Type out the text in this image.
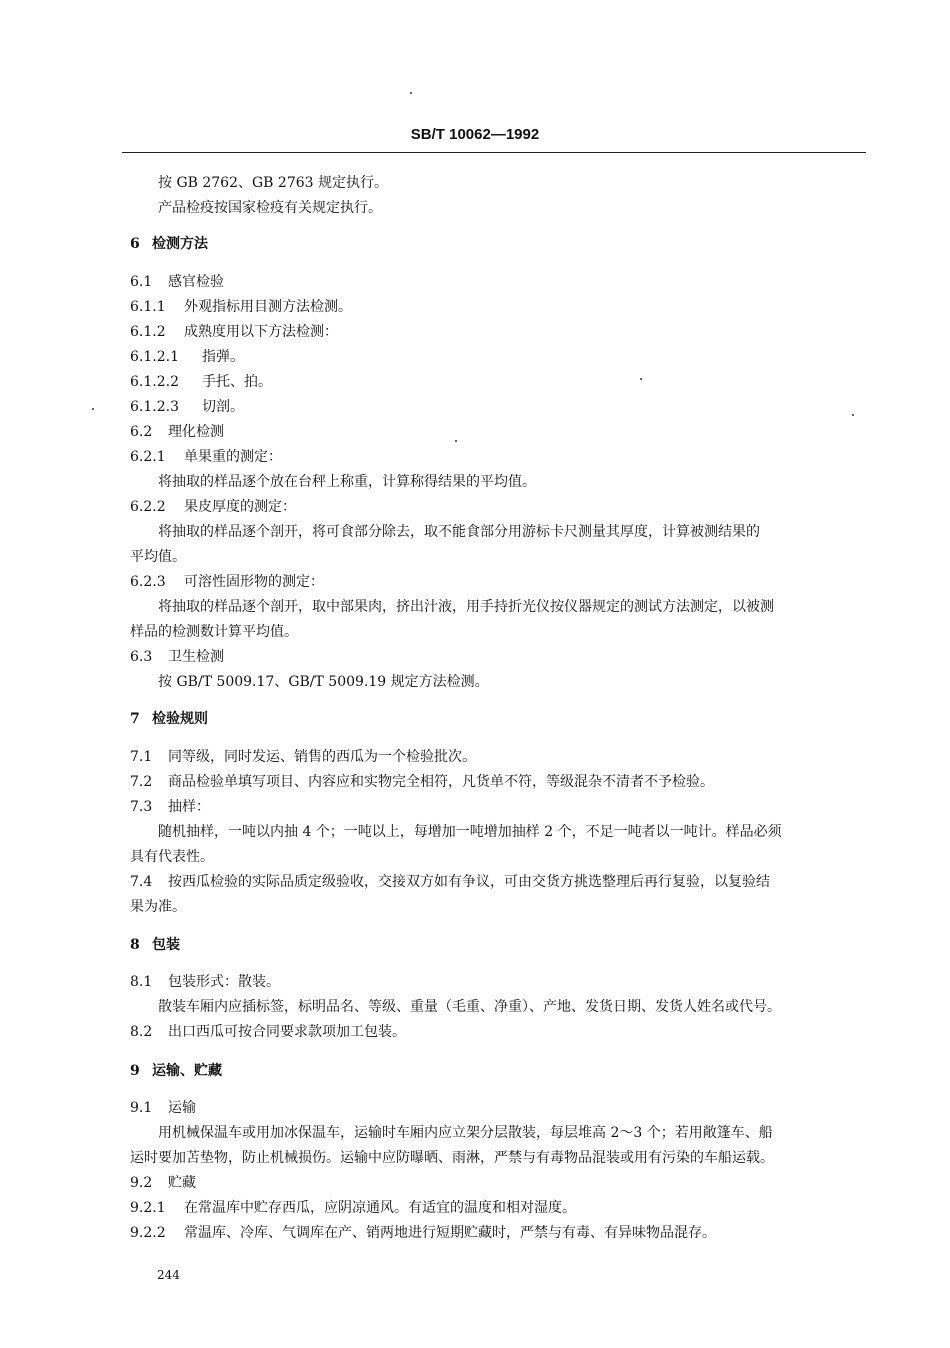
SB/T 10062—1992
按 GB 2762、GB 2763 规定执行。
产品检疫按国家检疫有关规定执行。
6 检测方法
6.1 感官检验
6.1.1 外观指标用目测方法检测。
6.1.2 成熟度用以下方法检测：
6.1.2.1 指弹。
6.1.2.2 手托、拍。
6.1.2.3 切剖。
6.2 理化检测
6.2.1 单果重的测定：
将抽取的样品逐个放在台秤上称重，计算称得结果的平均值。
6.2.2 果皮厚度的测定：
将抽取的样品逐个剖开，将可食部分除去，取不能食部分用游标卡尺测量其厚度，计算被测结果的
平均值。
6.2.3 可溶性固形物的测定：
将抽取的样品逐个剖开，取中部果肉，挤出汁液，用手持折光仪按仪器规定的测试方法测定，以被测
样品的检测数计算平均值。
6.3 卫生检测
按 GB/T 5009.17、GB/T 5009.19 规定方法检测。
7 检验规则
7.1 同等级，同时发运、销售的西瓜为一个检验批次。
7.2 商品检验单填写项目、内容应和实物完全相符，凡货单不符，等级混杂不清者不予检验。
7.3 抽样：
随机抽样，一吨以内抽 4 个；一吨以上，每增加一吨增加抽样 2 个，不足一吨者以一吨计。样品必须
具有代表性。
7.4 按西瓜检验的实际品质定级验收，交接双方如有争议，可由交货方挑选整理后再行复验，以复验结
果为准。
8 包装
8.1 包装形式：散装。
散装车厢内应插标签，标明品名、等级、重量（毛重、净重）、产地、发货日期、发货人姓名或代号。
8.2 出口西瓜可按合同要求款项加工包装。
9 运输、贮藏
9.1 运输
用机械保温车或用加冰保温车，运输时车厢内应立架分层散装，每层堆高 2～3 个；若用敞篷车、船
运时要加苫垫物，防止机械损伤。运输中应防曝晒、雨淋，严禁与有毒物品混装或用有污染的车船运载。
9.2 贮藏
9.2.1 在常温库中贮存西瓜，应阴凉通风。有适宜的温度和相对湿度。
9.2.2 常温库、冷库、气调库在产、销两地进行短期贮藏时，严禁与有毒、有异味物品混存。
244
